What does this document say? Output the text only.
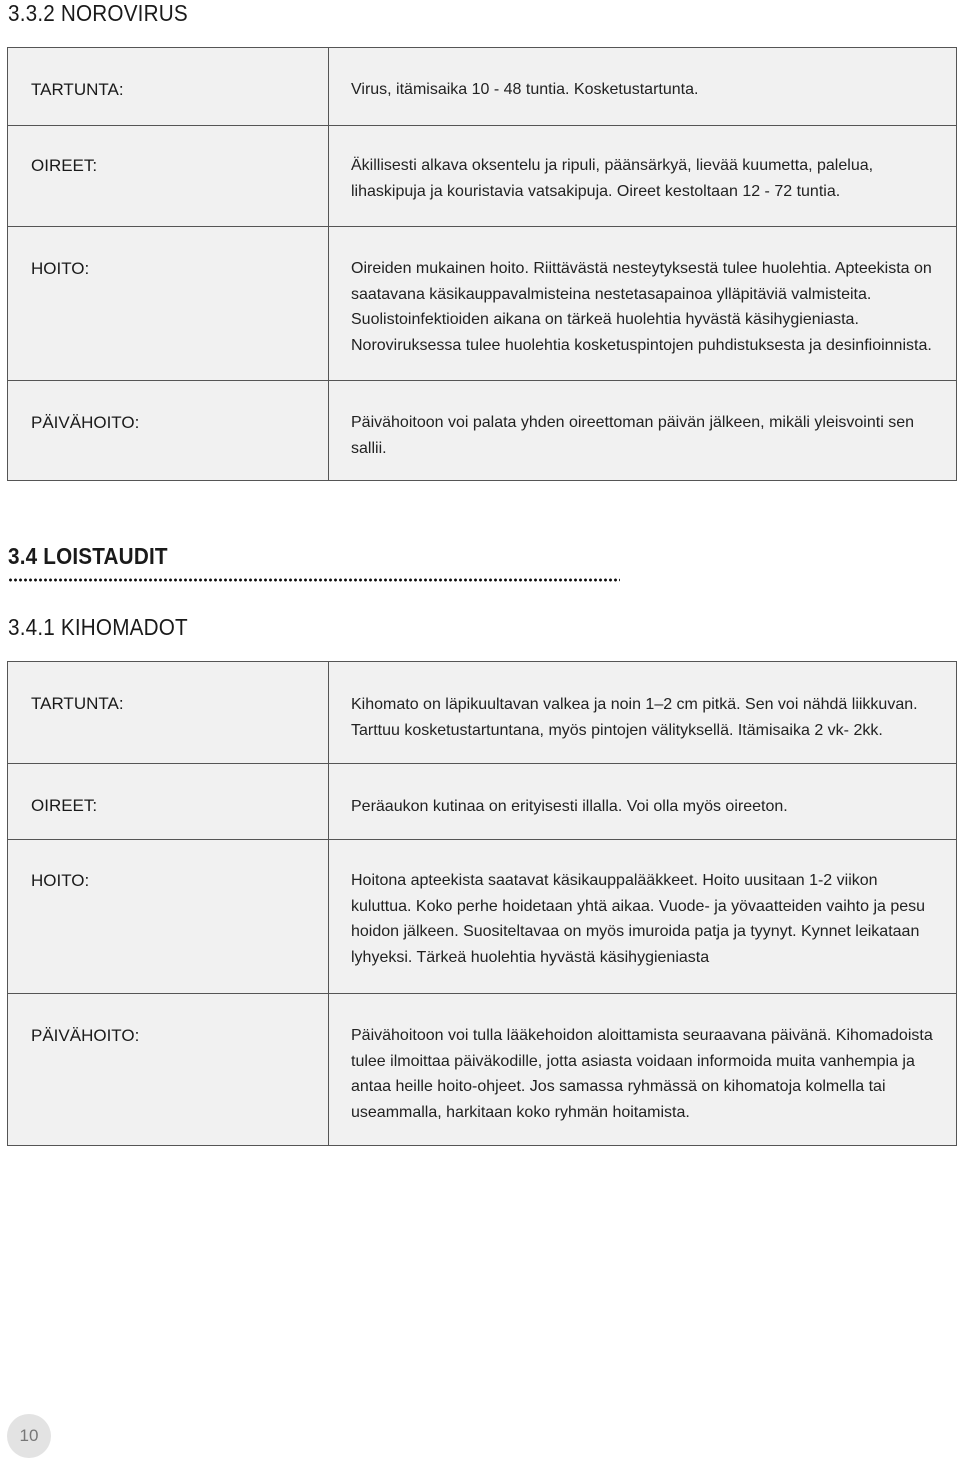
3.3.2 NOROVIRUS
TARTUNTA:	Virus, itämisaika 10 - 48 tuntia. Kosketustartunta.
OIREET:	Äkillisesti alkava oksentelu ja ripuli, päänsärkyä, lievää kuumetta, palelua, lihaskipuja ja kouristavia vatsakipuja. Oireet kestoltaan 12 - 72 tuntia.
HOITO:	Oireiden mukainen hoito. Riittävästä nesteytyksestä tulee huolehtia. Apteekista on saatavana käsikauppavalmisteina nestetasapainoa ylläpitäviä valmisteita. Suolistoinfektioiden aikana on tärkeä huolehtia hyvästä käsihygieniasta. Noroviruksessa tulee huolehtia kosketuspintojen puhdistuksesta ja desinfioinnista.
PÄIVÄHOITO:	Päivähoitoon voi palata yhden oireettoman päivän jälkeen, mikäli yleisvointi sen sallii.
3.4 LOISTAUDIT
3.4.1 KIHOMADOT
TARTUNTA:	Kihomato on läpikuultavan valkea ja noin 1–2 cm pitkä. Sen voi nähdä liikkuvan. Tarttuu kosketustartuntana, myös pintojen välityksellä. Itämisaika 2 vk- 2kk.
OIREET:	Peräaukon kutinaa on erityisesti illalla. Voi olla myös oireeton.
HOITO:	Hoitona apteekista saatavat käsikauppalääkkeet. Hoito uusitaan 1-2 viikon kuluttua. Koko perhe hoidetaan yhtä aikaa. Vuode- ja yövaatteiden vaihto ja pesu hoidon jälkeen. Suositeltavaa on myös imuroida patja ja tyynyt. Kynnet leikataan lyhyeksi. Tärkeä huolehtia hyvästä käsihygieniasta
PÄIVÄHOITO:	Päivähoitoon voi tulla lääkehoidon aloittamista seuraavana päivänä. Kihomadoista tulee ilmoittaa päiväkodille, jotta asiasta voidaan informoida muita vanhempia ja antaa heille hoito-ohjeet. Jos samassa ryhmässä on kihomatoja kolmella tai useammalla, harkitaan koko ryhmän hoitamista.
10
